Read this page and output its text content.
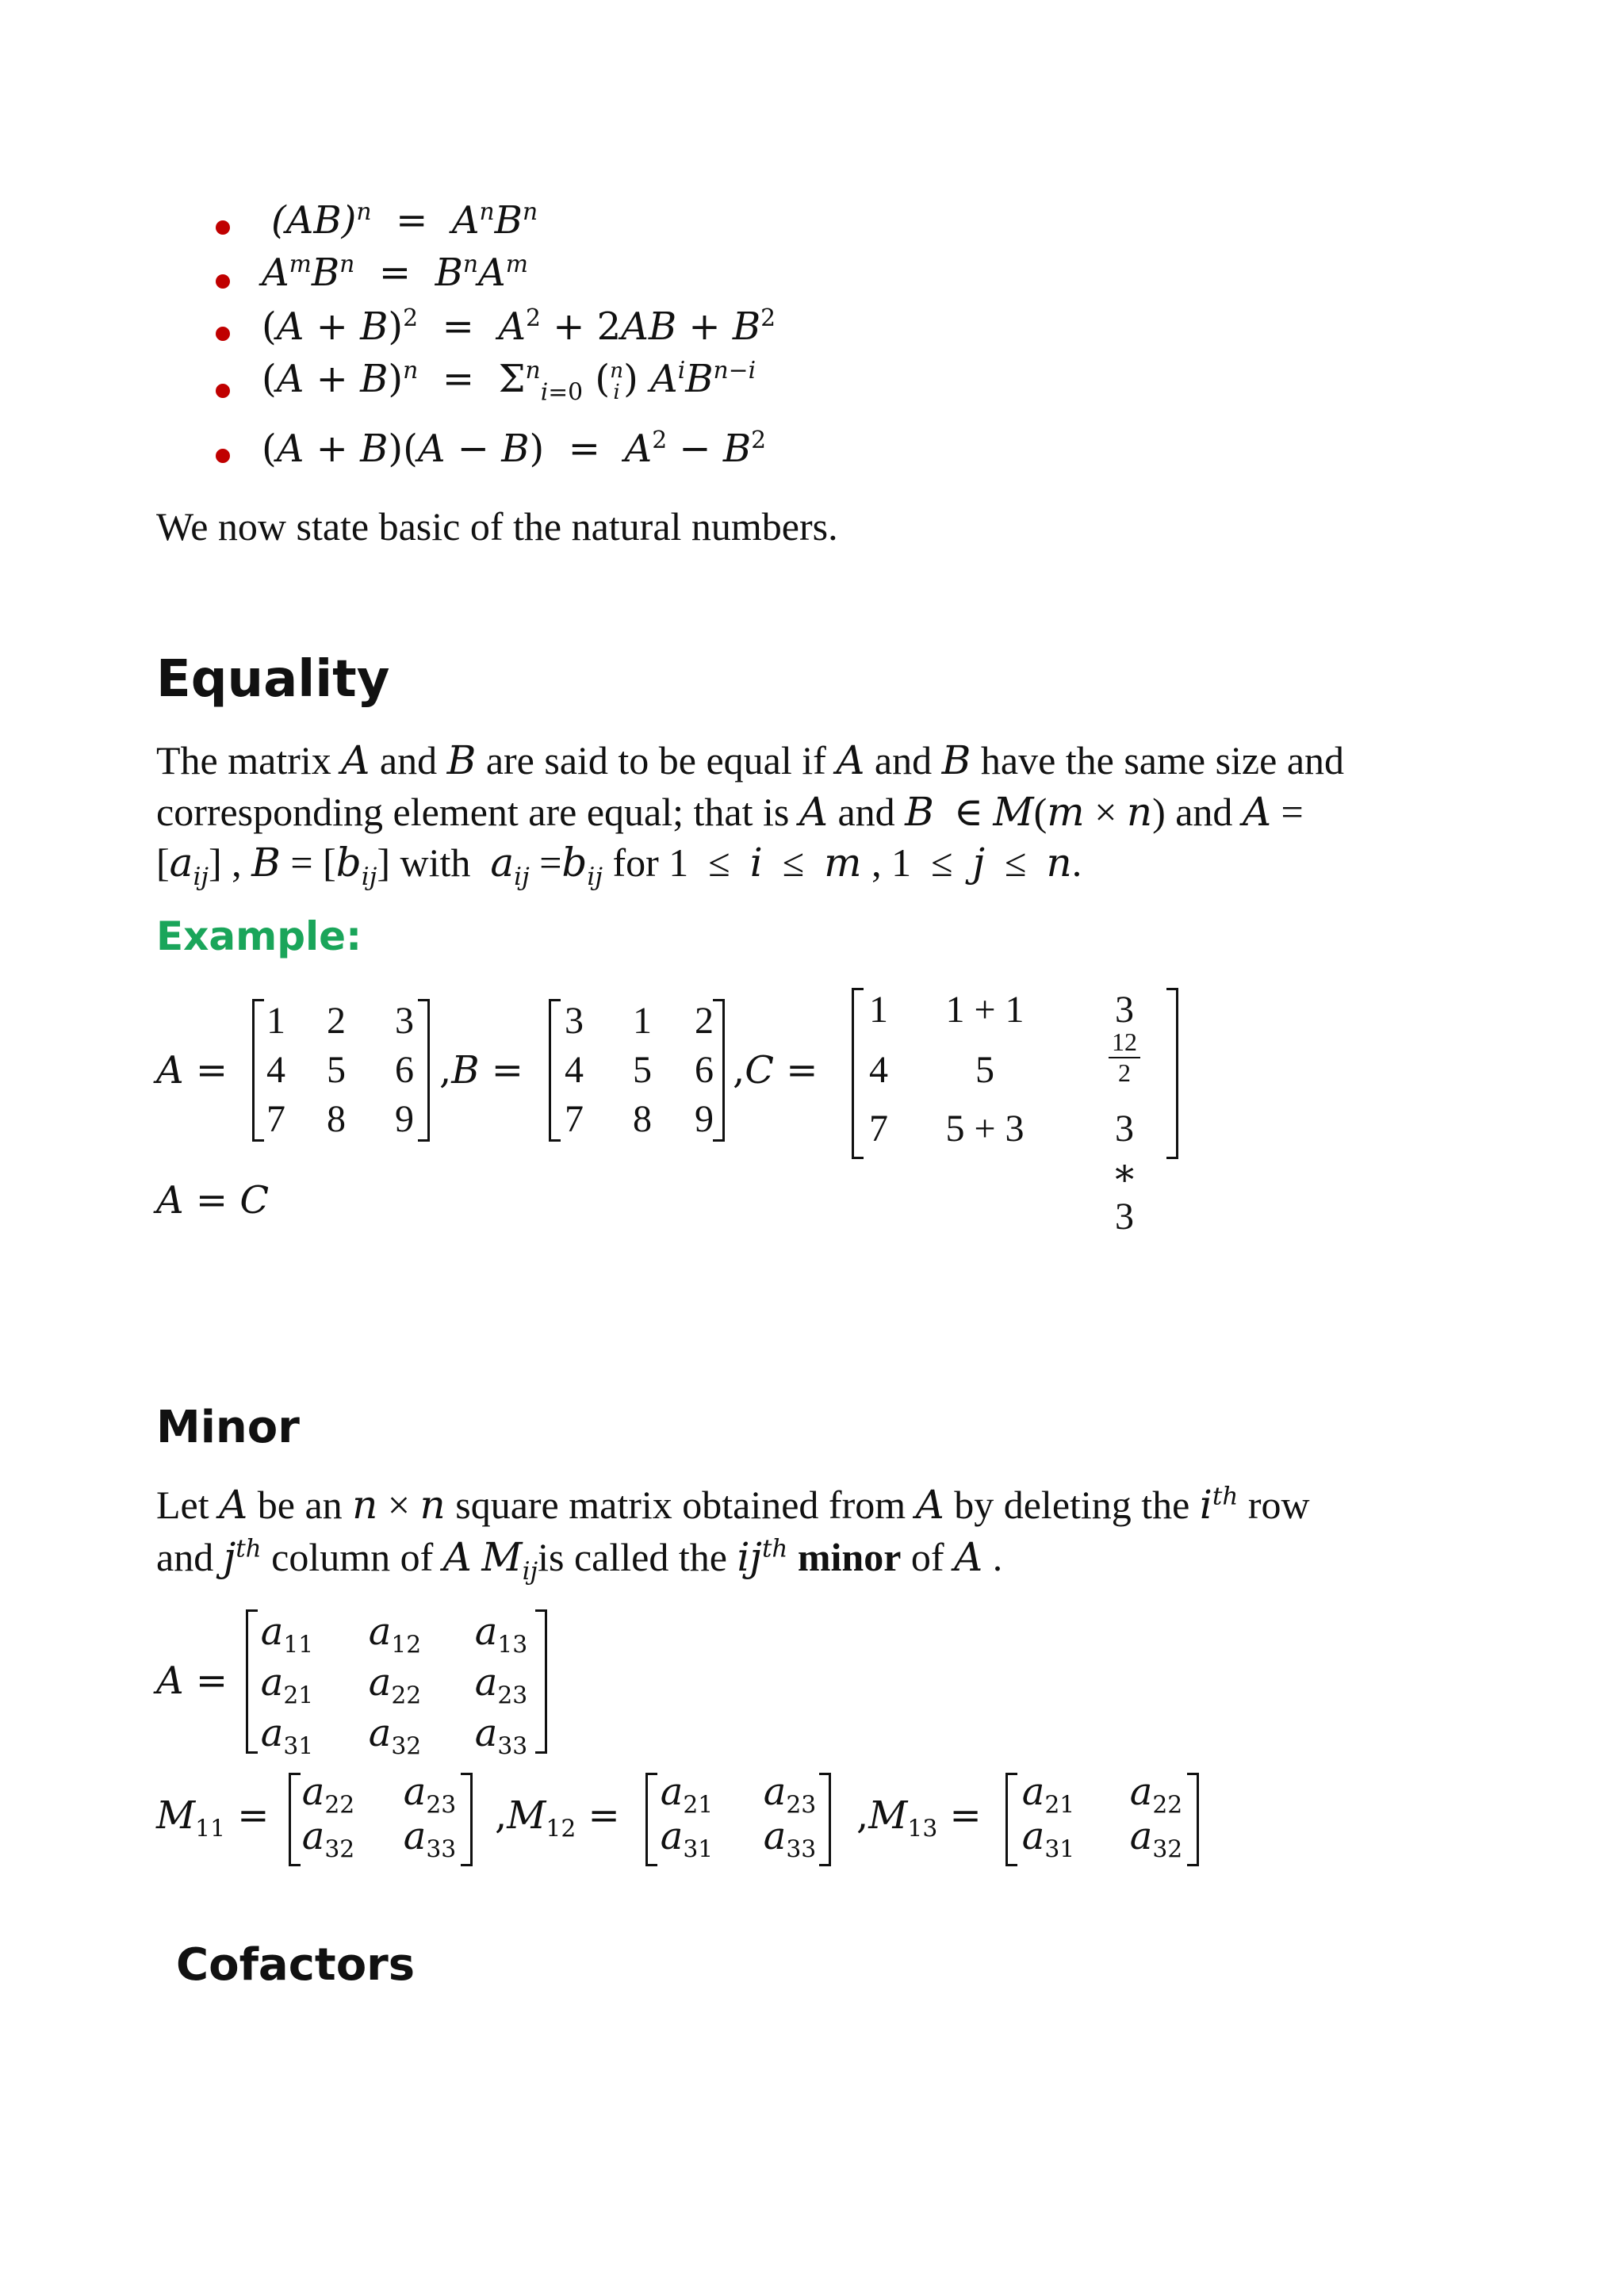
$(AB)^n = A^nB^n$
$A^mB^n = B^nA^m$
$(A + B)^2 = A^2 + 2AB + B^2$
$(A + B)^n = \Sigma^n_{i=0}$ (n
i) $A^iB^{n-i}$
$(A + B)(A - B) = A^2 - B^2$
We now state basic of the natural numbers.
Equality
The matrix A and B are said to be equal if A and B have the same size and
corresponding element are equal; that is A and B  ∈ M(m × n) and A =
$[a_{ij}]$ , $B = [b_{ij}]$ with  $a_{ij} =b_{ij}$ for 1  ≤  i  ≤  m , 1  ≤  j  ≤  n.
Example:
A =
1 2 3
4 5 6
7 8 9
,B =
3 1 2
4 5 6
7 8 9
,C =
1 1 + 1 3
4 5	$\frac{12}{2}$
7 5 + 3	3 ∗ 3
A = C
Minor
Let A be an n × n square matrix obtained from A by deleting the $i^{th}$ row
and $j^{th}$ column of A $M_{ij}is$ called the $ij^{th}$ minor of A .
A =
$a_{11}$ $a_{12}$ $a_{13}$
$a_{21}$ $a_{22}$ $a_{23}$
$a_{31}$ $a_{32}$ $a_{33}$
$M_{11}$ =
$a_{22}$ $a_{23}$
$a_{32}$ $a_{33}$
$,M_{12}$ =
$a_{21}$ $a_{23}$
$a_{31}$ $a_{33}$
$,M_{13}$ =
$a_{21}$ $a_{22}$
$a_{31}$ $a_{32}$
Cofactors
